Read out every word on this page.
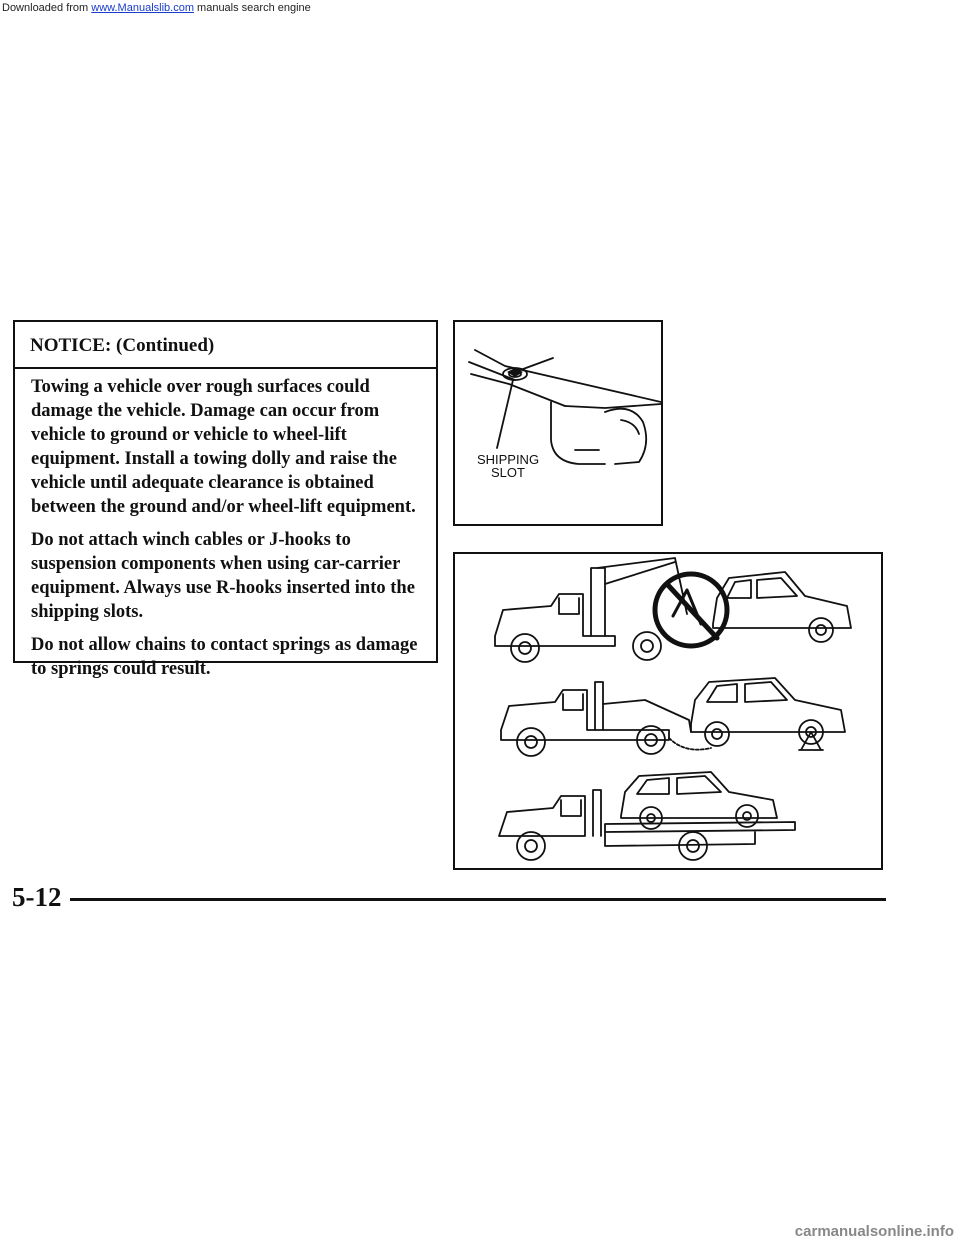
Downloaded from www.Manualslib.com manuals search engine
NOTICE: (Continued)

Towing a vehicle over rough surfaces could damage the vehicle. Damage can occur from vehicle to ground or vehicle to wheel-lift equipment. Install a towing dolly and raise the vehicle until adequate clearance is obtained between the ground and/or wheel-lift equipment.

Do not attach winch cables or J-hooks to suspension components when using car-carrier equipment. Always use R-hooks inserted into the shipping slots.

Do not allow chains to contact springs as damage to springs could result.

SHIPPING
SLOT
5-12
carmanualsonline.info
